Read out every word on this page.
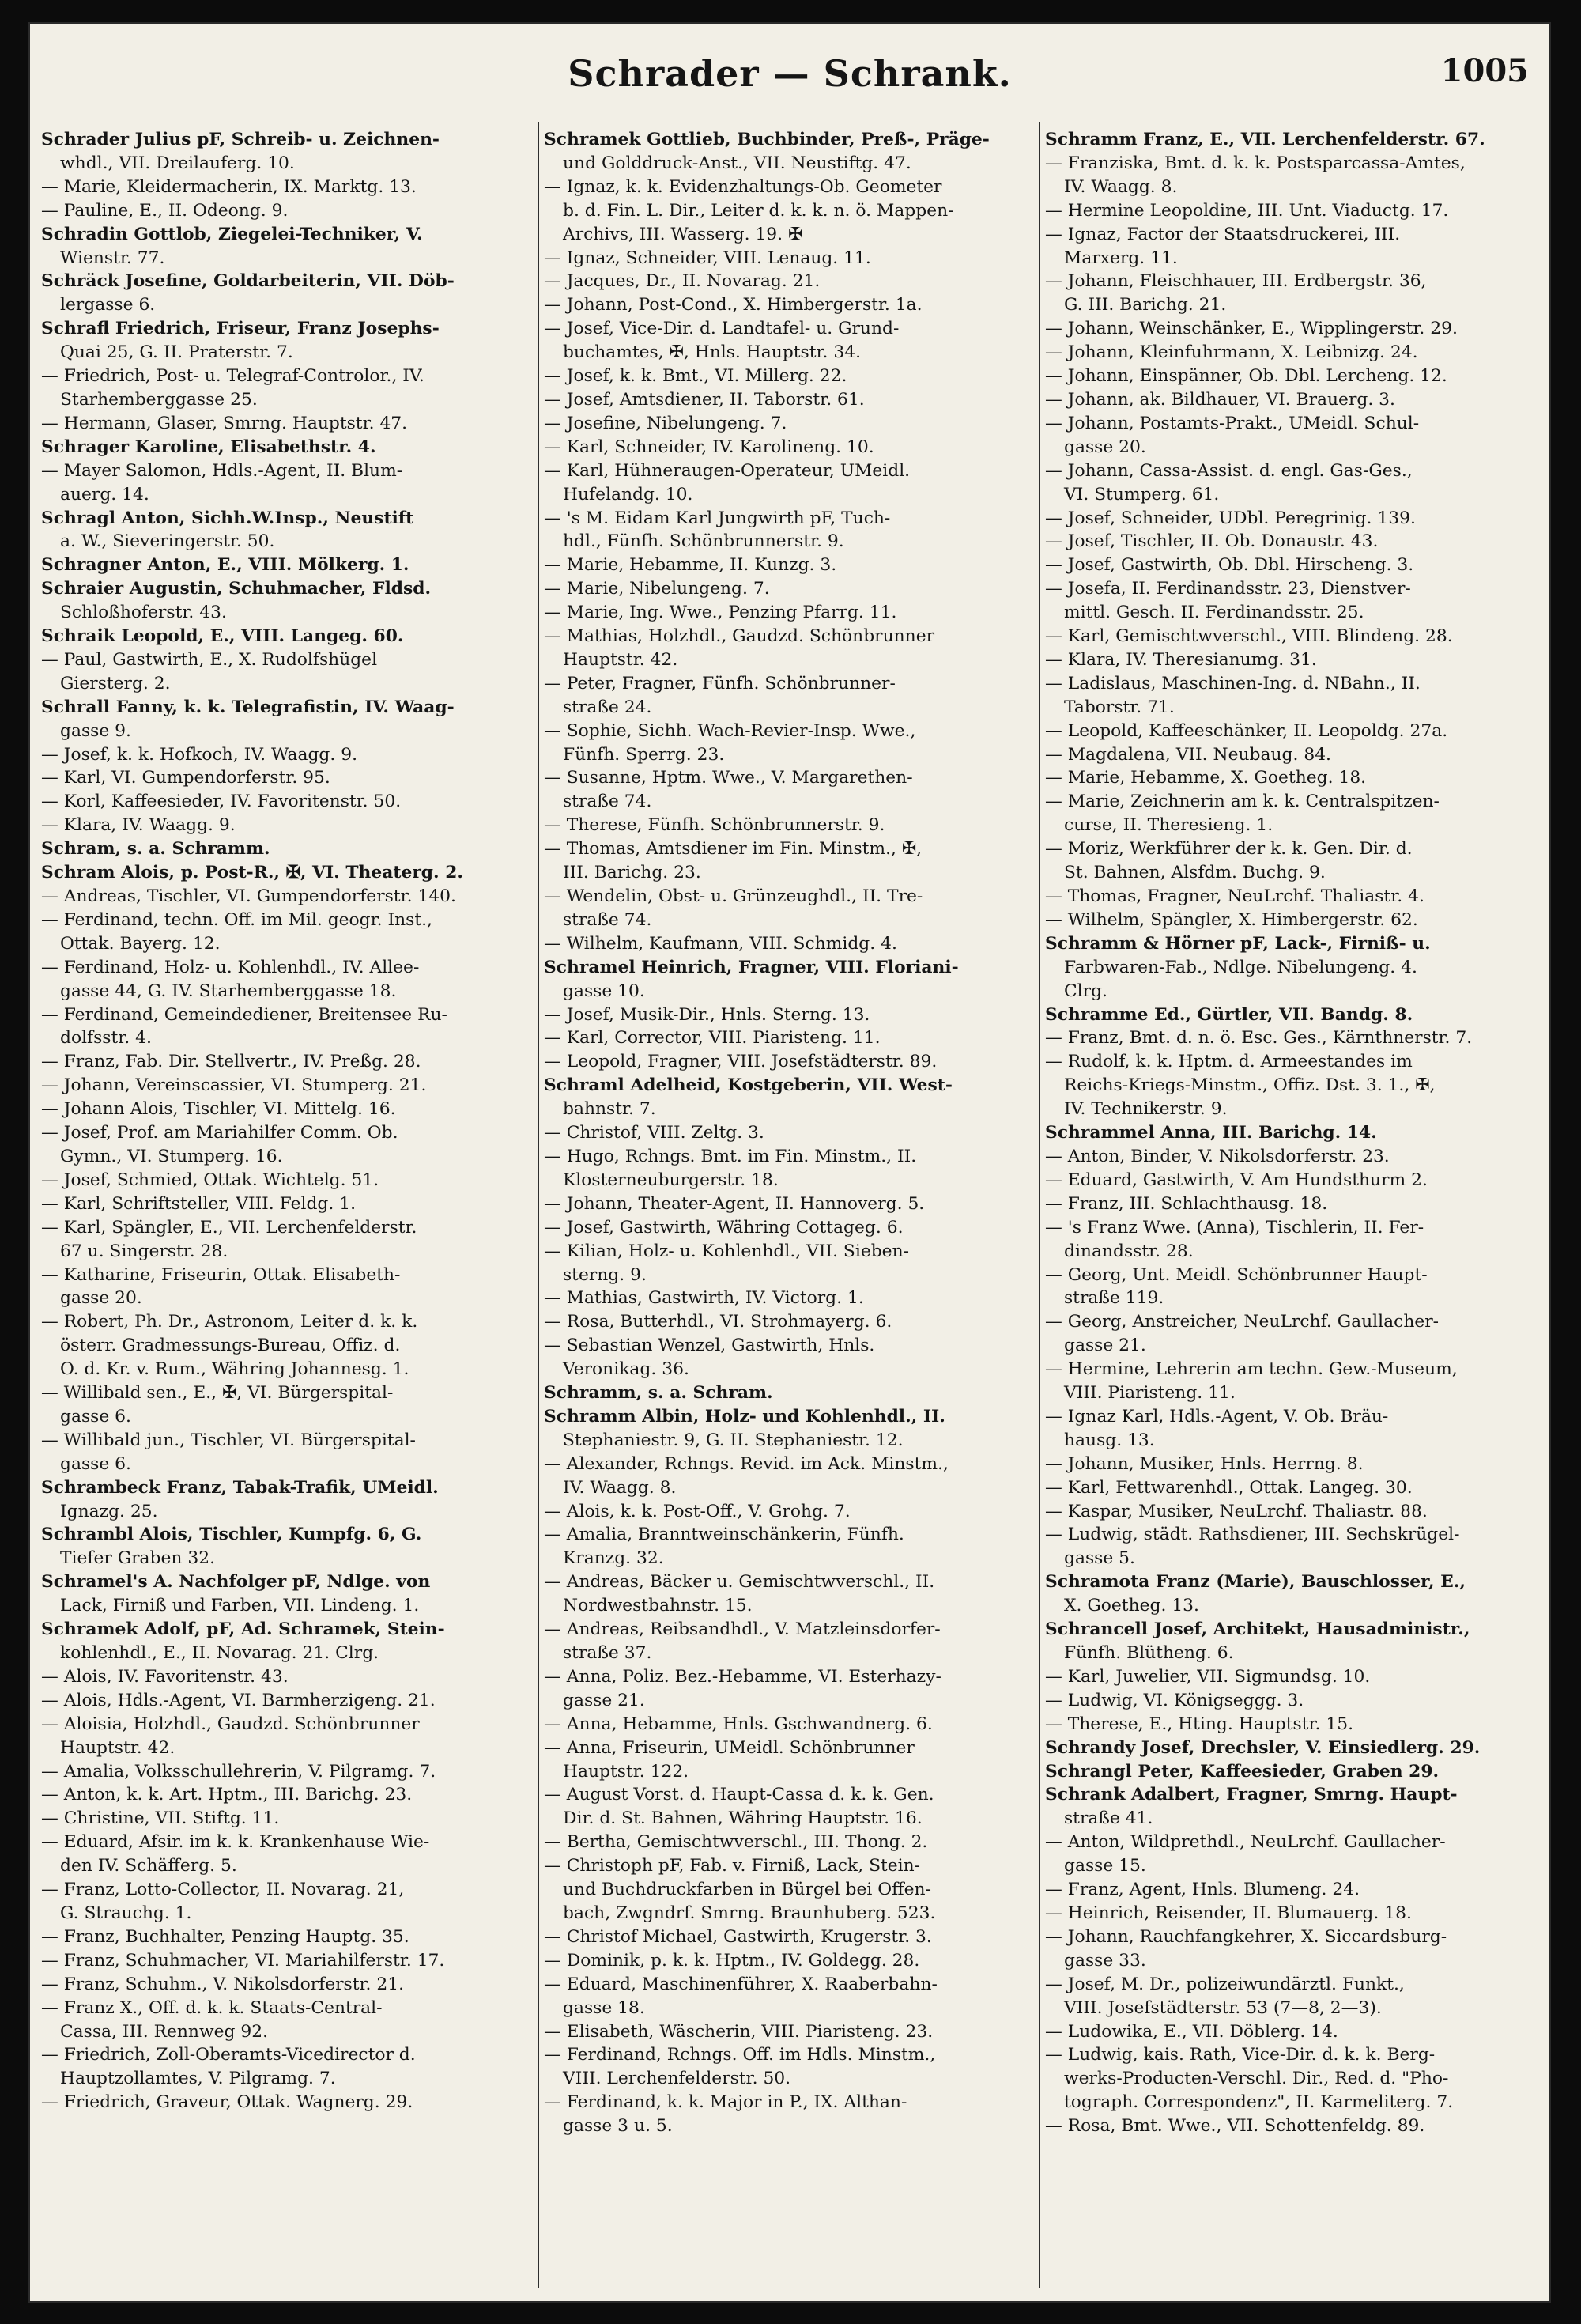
Schrader — Schrank.	1005
Schrader Julius pF, Schreib- u. Zeichnen-
whdl., VII. Dreilauferg. 10.
— Marie, Kleidermacherin, IX. Marktg. 13.
— Pauline, E., II. Odeong. 9.
Schradin Gottlob, Ziegelei-Techniker, V.
Wienstr. 77.
Schräck Josefine, Goldarbeiterin, VII. Döb-
lergasse 6.
Schrafl Friedrich, Friseur, Franz Josephs-
Quai 25, G. II. Praterstr. 7.
— Friedrich, Post- u. Telegraf-Controlor., IV.
Starhemberggasse 25.
— Hermann, Glaser, Smrng. Hauptstr. 47.
Schrager Karoline, Elisabethstr. 4.
— Mayer Salomon, Hdls.-Agent, II. Blum-
auerg. 14.
Schragl Anton, Sichh.W.Insp., Neustift
a. W., Sieveringerstr. 50.
Schragner Anton, E., VIII. Mölkerg. 1.
Schraier Augustin, Schuhmacher, Fldsd.
Schloßhoferstr. 43.
Schraik Leopold, E., VIII. Langeg. 60.
— Paul, Gastwirth, E., X. Rudolfshügel
Giersterg. 2.
Schrall Fanny, k. k. Telegrafistin, IV. Waag-
gasse 9.
— Josef, k. k. Hofkoch, IV. Waagg. 9.
— Karl, VI. Gumpendorferstr. 95.
— Korl, Kaffeesieder, IV. Favoritenstr. 50.
— Klara, IV. Waagg. 9.
Schram, s. a. Schramm.
Schram Alois, p. Post-R., ✠, VI. Theaterg. 2.
— Andreas, Tischler, VI. Gumpendorferstr. 140.
— Ferdinand, techn. Off. im Mil. geogr. Inst.,
Ottak. Bayerg. 12.
— Ferdinand, Holz- u. Kohlenhdl., IV. Allee-
gasse 44, G. IV. Starhemberggasse 18.
— Ferdinand, Gemeindediener, Breitensee Ru-
dolfsstr. 4.
— Franz, Fab. Dir. Stellvertr., IV. Preßg. 28.
— Johann, Vereinscassier, VI. Stumperg. 21.
— Johann Alois, Tischler, VI. Mittelg. 16.
— Josef, Prof. am Mariahilfer Comm. Ob.
Gymn., VI. Stumperg. 16.
— Josef, Schmied, Ottak. Wichtelg. 51.
— Karl, Schriftsteller, VIII. Feldg. 1.
— Karl, Spängler, E., VII. Lerchenfelderstr.
67 u. Singerstr. 28.
— Katharine, Friseurin, Ottak. Elisabeth-
gasse 20.
— Robert, Ph. Dr., Astronom, Leiter d. k. k.
österr. Gradmessungs-Bureau, Offiz. d.
O. d. Kr. v. Rum., Währing Johannesg. 1.
— Willibald sen., E., ✠, VI. Bürgerspital-
gasse 6.
— Willibald jun., Tischler, VI. Bürgerspital-
gasse 6.
Schrambeck Franz, Tabak-Trafik, UMeidl.
Ignazg. 25.
Schrambl Alois, Tischler, Kumpfg. 6, G.
Tiefer Graben 32.
Schramel's A. Nachfolger pF, Ndlge. von
Lack, Firniß und Farben, VII. Lindeng. 1.
Schramek Adolf, pF, Ad. Schramek, Stein-
kohlenhdl., E., II. Novarag. 21. Clrg.
— Alois, IV. Favoritenstr. 43.
— Alois, Hdls.-Agent, VI. Barmherzigeng. 21.
— Aloisia, Holzhdl., Gaudzd. Schönbrunner
Hauptstr. 42.
— Amalia, Volksschullehrerin, V. Pilgramg. 7.
— Anton, k. k. Art. Hptm., III. Barichg. 23.
— Christine, VII. Stiftg. 11.
— Eduard, Afsir. im k. k. Krankenhause Wie-
den IV. Schäfferg. 5.
— Franz, Lotto-Collector, II. Novarag. 21,
G. Strauchg. 1.
— Franz, Buchhalter, Penzing Hauptg. 35.
— Franz, Schuhmacher, VI. Mariahilferstr. 17.
— Franz, Schuhm., V. Nikolsdorferstr. 21.
— Franz X., Off. d. k. k. Staats-Central-
Cassa, III. Rennweg 92.
— Friedrich, Zoll-Oberamts-Vicedirector d.
Hauptzollamtes, V. Pilgramg. 7.
— Friedrich, Graveur, Ottak. Wagnerg. 29.
Schramek Gottlieb, Buchbinder, Preß-, Präge-
und Golddruck-Anst., VII. Neustiftg. 47.
— Ignaz, k. k. Evidenzhaltungs-Ob. Geometer
b. d. Fin. L. Dir., Leiter d. k. k. n. ö. Mappen-
Archivs, III. Wasserg. 19. ✠
— Ignaz, Schneider, VIII. Lenaug. 11.
— Jacques, Dr., II. Novarag. 21.
— Johann, Post-Cond., X. Himbergerstr. 1a.
— Josef, Vice-Dir. d. Landtafel- u. Grund-
buchamtes, ✠, Hnls. Hauptstr. 34.
— Josef, k. k. Bmt., VI. Millerg. 22.
— Josef, Amtsdiener, II. Taborstr. 61.
— Josefine, Nibelungeng. 7.
— Karl, Schneider, IV. Karolineng. 10.
— Karl, Hühneraugen-Operateur, UMeidl.
Hufelandg. 10.
— 's M. Eidam Karl Jungwirth pF, Tuch-
hdl., Fünfh. Schönbrunnerstr. 9.
— Marie, Hebamme, II. Kunzg. 3.
— Marie, Nibelungeng. 7.
— Marie, Ing. Wwe., Penzing Pfarrg. 11.
— Mathias, Holzhdl., Gaudzd. Schönbrunner
Hauptstr. 42.
— Peter, Fragner, Fünfh. Schönbrunner-
straße 24.
— Sophie, Sichh. Wach-Revier-Insp. Wwe.,
Fünfh. Sperrg. 23.
— Susanne, Hptm. Wwe., V. Margarethen-
straße 74.
— Therese, Fünfh. Schönbrunnerstr. 9.
— Thomas, Amtsdiener im Fin. Minstm., ✠,
III. Barichg. 23.
— Wendelin, Obst- u. Grünzeughdl., II. Tre-
straße 74.
— Wilhelm, Kaufmann, VIII. Schmidg. 4.
Schramel Heinrich, Fragner, VIII. Floriani-
gasse 10.
— Josef, Musik-Dir., Hnls. Sterng. 13.
— Karl, Corrector, VIII. Piaristeng. 11.
— Leopold, Fragner, VIII. Josefstädterstr. 89.
Schraml Adelheid, Kostgeberin, VII. West-
bahnstr. 7.
— Christof, VIII. Zeltg. 3.
— Hugo, Rchngs. Bmt. im Fin. Minstm., II.
Klosterneuburgerstr. 18.
— Johann, Theater-Agent, II. Hannoverg. 5.
— Josef, Gastwirth, Währing Cottageg. 6.
— Kilian, Holz- u. Kohlenhdl., VII. Sieben-
sterng. 9.
— Mathias, Gastwirth, IV. Victorg. 1.
— Rosa, Butterhdl., VI. Strohmayerg. 6.
— Sebastian Wenzel, Gastwirth, Hnls.
Veronikag. 36.
Schramm, s. a. Schram.
Schramm Albin, Holz- und Kohlenhdl., II.
Stephaniestr. 9, G. II. Stephaniestr. 12.
— Alexander, Rchngs. Revid. im Ack. Minstm.,
IV. Waagg. 8.
— Alois, k. k. Post-Off., V. Grohg. 7.
— Amalia, Branntweinschänkerin, Fünfh.
Kranzg. 32.
— Andreas, Bäcker u. Gemischtwverschl., II.
Nordwestbahnstr. 15.
— Andreas, Reibsandhdl., V. Matzleinsdorfer-
straße 37.
— Anna, Poliz. Bez.-Hebamme, VI. Esterhazy-
gasse 21.
— Anna, Hebamme, Hnls. Gschwandnerg. 6.
— Anna, Friseurin, UMeidl. Schönbrunner
Hauptstr. 122.
— August Vorst. d. Haupt-Cassa d. k. k. Gen.
Dir. d. St. Bahnen, Währing Hauptstr. 16.
— Bertha, Gemischtwverschl., III. Thong. 2.
— Christoph pF, Fab. v. Firniß, Lack, Stein-
und Buchdruckfarben in Bürgel bei Offen-
bach, Zwgndrf. Smrng. Braunhuberg. 523.
— Christof Michael, Gastwirth, Krugerstr. 3.
— Dominik, p. k. k. Hptm., IV. Goldegg. 28.
— Eduard, Maschinenführer, X. Raaberbahn-
gasse 18.
— Elisabeth, Wäscherin, VIII. Piaristeng. 23.
— Ferdinand, Rchngs. Off. im Hdls. Minstm.,
VIII. Lerchenfelderstr. 50.
— Ferdinand, k. k. Major in P., IX. Althan-
gasse 3 u. 5.
Schramm Franz, E., VII. Lerchenfelderstr. 67.
— Franziska, Bmt. d. k. k. Postsparcassa-Amtes,
IV. Waagg. 8.
— Hermine Leopoldine, III. Unt. Viaductg. 17.
— Ignaz, Factor der Staatsdruckerei, III.
Marxerg. 11.
— Johann, Fleischhauer, III. Erdbergstr. 36,
G. III. Barichg. 21.
— Johann, Weinschänker, E., Wipplingerstr. 29.
— Johann, Kleinfuhrmann, X. Leibnizg. 24.
— Johann, Einspänner, Ob. Dbl. Lercheng. 12.
— Johann, ak. Bildhauer, VI. Brauerg. 3.
— Johann, Postamts-Prakt., UMeidl. Schul-
gasse 20.
— Johann, Cassa-Assist. d. engl. Gas-Ges.,
VI. Stumperg. 61.
— Josef, Schneider, UDbl. Peregrinig. 139.
— Josef, Tischler, II. Ob. Donaustr. 43.
— Josef, Gastwirth, Ob. Dbl. Hirscheng. 3.
— Josefa, II. Ferdinandsstr. 23, Dienstver-
mittl. Gesch. II. Ferdinandsstr. 25.
— Karl, Gemischtwverschl., VIII. Blindeng. 28.
— Klara, IV. Theresianumg. 31.
— Ladislaus, Maschinen-Ing. d. NBahn., II.
Taborstr. 71.
— Leopold, Kaffeeschänker, II. Leopoldg. 27a.
— Magdalena, VII. Neubaug. 84.
— Marie, Hebamme, X. Goetheg. 18.
— Marie, Zeichnerin am k. k. Centralspitzen-
curse, II. Theresieng. 1.
— Moriz, Werkführer der k. k. Gen. Dir. d.
St. Bahnen, Alsfdm. Buchg. 9.
— Thomas, Fragner, NeuLrchf. Thaliastr. 4.
— Wilhelm, Spängler, X. Himbergerstr. 62.
Schramm & Hörner pF, Lack-, Firniß- u.
Farbwaren-Fab., Ndlge. Nibelungeng. 4.
Clrg.
Schramme Ed., Gürtler, VII. Bandg. 8.
— Franz, Bmt. d. n. ö. Esc. Ges., Kärnthnerstr. 7.
— Rudolf, k. k. Hptm. d. Armeestandes im
Reichs-Kriegs-Minstm., Offiz. Dst. 3. 1., ✠,
IV. Technikerstr. 9.
Schrammel Anna, III. Barichg. 14.
— Anton, Binder, V. Nikolsdorferstr. 23.
— Eduard, Gastwirth, V. Am Hundsthurm 2.
— Franz, III. Schlachthausg. 18.
— 's Franz Wwe. (Anna), Tischlerin, II. Fer-
dinandsstr. 28.
— Georg, Unt. Meidl. Schönbrunner Haupt-
straße 119.
— Georg, Anstreicher, NeuLrchf. Gaullacher-
gasse 21.
— Hermine, Lehrerin am techn. Gew.-Museum,
VIII. Piaristeng. 11.
— Ignaz Karl, Hdls.-Agent, V. Ob. Bräu-
hausg. 13.
— Johann, Musiker, Hnls. Herrng. 8.
— Karl, Fettwarenhdl., Ottak. Langeg. 30.
— Kaspar, Musiker, NeuLrchf. Thaliastr. 88.
— Ludwig, städt. Rathsdiener, III. Sechskrügel-
gasse 5.
Schramota Franz (Marie), Bauschlosser, E.,
X. Goetheg. 13.
Schrancell Josef, Architekt, Hausadministr.,
Fünfh. Blütheng. 6.
— Karl, Juwelier, VII. Sigmundsg. 10.
— Ludwig, VI. Königseggg. 3.
— Therese, E., Hting. Hauptstr. 15.
Schrandy Josef, Drechsler, V. Einsiedlerg. 29.
Schrangl Peter, Kaffeesieder, Graben 29.
Schrank Adalbert, Fragner, Smrng. Haupt-
straße 41.
— Anton, Wildprethdl., NeuLrchf. Gaullacher-
gasse 15.
— Franz, Agent, Hnls. Blumeng. 24.
— Heinrich, Reisender, II. Blumauerg. 18.
— Johann, Rauchfangkehrer, X. Siccardsburg-
gasse 33.
— Josef, M. Dr., polizeiwundärztl. Funkt.,
VIII. Josefstädterstr. 53 (7—8, 2—3).
— Ludowika, E., VII. Döblerg. 14.
— Ludwig, kais. Rath, Vice-Dir. d. k. k. Berg-
werks-Producten-Verschl. Dir., Red. d. "Pho-
tograph. Correspondenz", II. Karmeliterg. 7.
— Rosa, Bmt. Wwe., VII. Schottenfeldg. 89.
